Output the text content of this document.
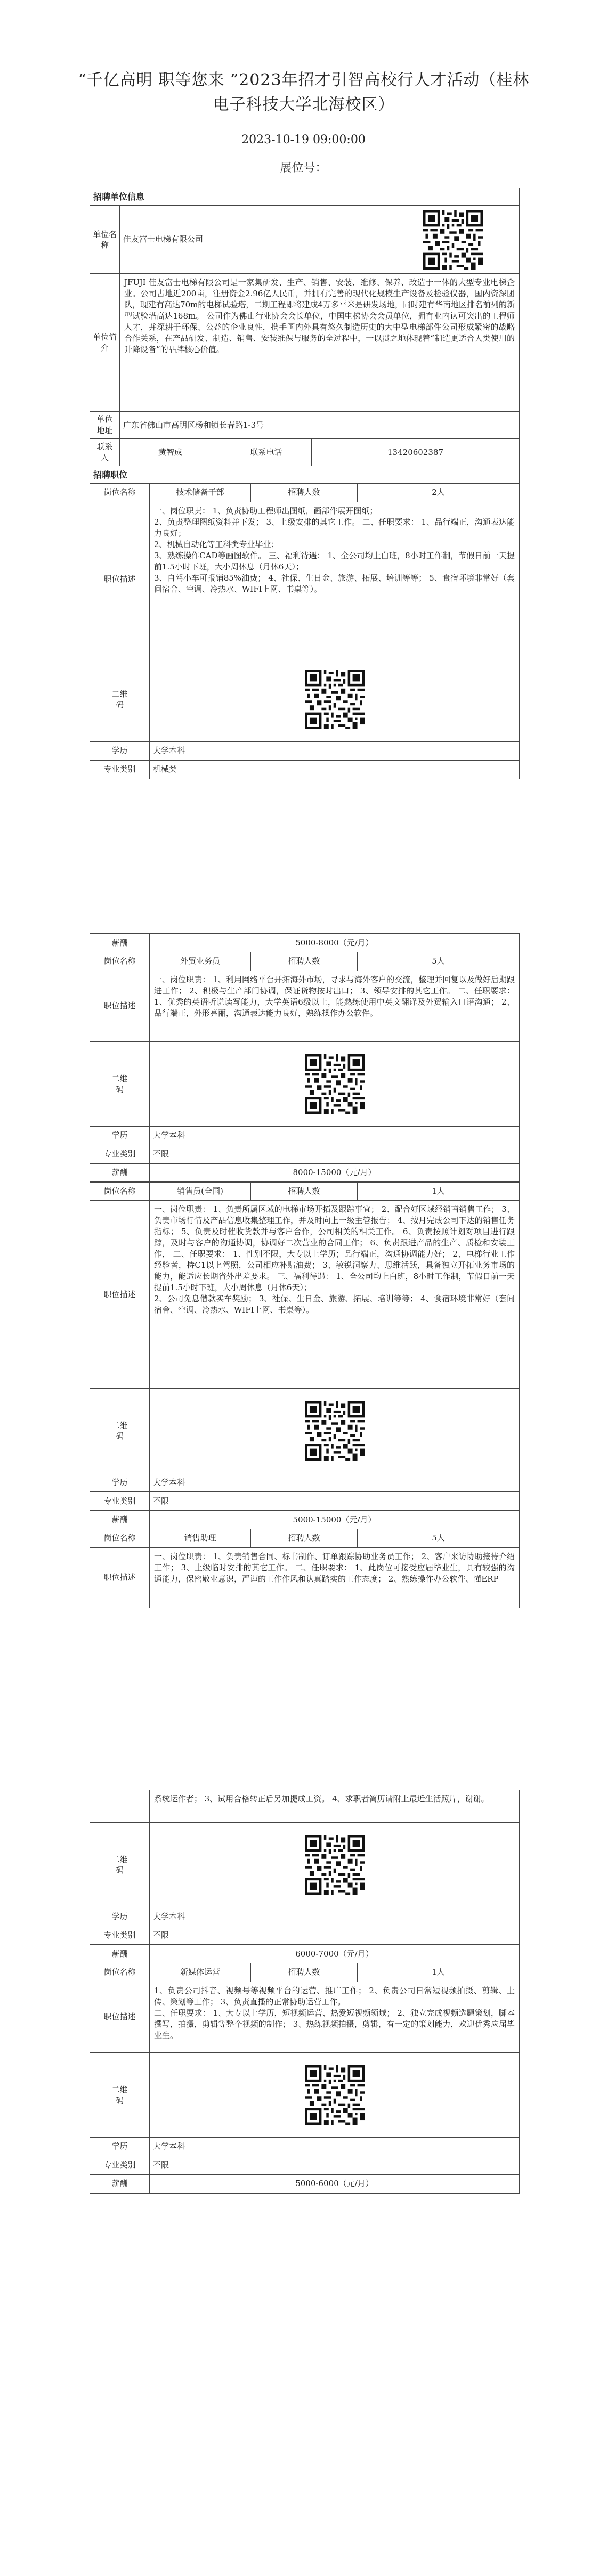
“千亿高明 职等您来 ”2023年招才引智高校行人才活动（桂林电子科技大学北海校区）
2023-10-19 09:00:00
展位号：
招聘单位信息				
单位名称	佳友富士电梯有限公司	

单位简介	JFUJI 佳友富士电梯有限公司是一家集研发、生产、销售、安装、维修、保养、改造于一体的大型专业电梯企业。公司占地近200亩，注册资金2.96亿人民币，并拥有完善的现代化规模生产设备及检验仪器，国内资深团队，现建有高达70m的电梯试验塔，二期工程即将建成4万多平米是研发场地，同时建有华南地区排名前列的新型试验塔高达168m。 公司作为佛山行业协会会长单位，中国电梯协会会员单位，拥有业内认可突出的工程师人才，并深耕于环保、公益的企业良性，携手国内外具有悠久制造历史的大中型电梯部件公司形成紧密的战略合作关系，在产品研发、制造、销售、安装维保与服务的全过程中，一以贯之地体现着“制造更适合人类使用的升降设备”的品牌核心价值。			
单位地址	广东省佛山市高明区杨和镇长春路1-3号			
联系人	黄智成	联系电话	13420602387	
招聘职位				
岗位名称	技术储备干部	招聘人数	2人
职位描述	一、岗位职责： 1、负责协助工程师出图纸，画部件展开图纸；
2、负责整理图纸资料并下发； 3、上级安排的其它工作。 二、任职要求： 1、品行端正，沟通表达能力良好；
2、机械自动化等工科类专业毕业；
3、熟练操作CAD等画图软件。 三、福利待遇： 1、全公司均上白班，8小时工作制，节假日前一天提前1.5小时下班，大小周休息（月休6天）；
3、自驾小车可报销85%油费； 4、社保、生日金、旅游、拓展、培训等等； 5、食宿环境非常好（套间宿舍、空调、冷热水、WIFI上网、书桌等）。		
二维码	

学历	大学本科		
专业类别	机械类		
薪酬	5000-8000（元/月）
岗位名称	外贸业务员	招聘人数	5人
职位描述	一、岗位职责： 1、利用网络平台开拓海外市场，寻求与海外客户的交流，整理并回复以及做好后期跟进工作； 2、积极与生产部门协调，保证货物按时出口； 3、领导安排的其它工作。 二、任职要求： 1、优秀的英语听说读写能力，大学英语6级以上，能熟练使用中英文翻译及外贸输入口语沟通； 2、品行端正，外形亮丽，沟通表达能力良好，熟练操作办公软件。		
二维码	

学历	大学本科		
专业类别	不限		
薪酬	8000-15000（元/月）		
岗位名称	销售员(全国)	招聘人数	1人
职位描述	一、岗位职责： 1、负责所属区域的电梯市场开拓及跟踪事宜； 2、配合好区域经销商销售工作； 3、负责市场行情及产品信息收集整理工作，并及时向上一级主管报告； 4、按月完成公司下达的销售任务指标； 5、负责及时催收货款并与客户合作，公司相关的相关工作。 6、负责按照计划对项目进行跟踪，及时与客户的沟通协调，协调好二次营业的合同工作； 6、负责跟进产品的生产、质检和安装工作， 二、任职要求： 1、性别不限，大专以上学历；品行端正，沟通协调能力好； 2、电梯行业工作经验者，持C1以上驾照，公司相应补贴油费； 3、敏锐洞察力、思维活跃，具备独立开拓业务市场的能力，能适应长期省外出差要求。 三、福利待遇： 1、全公司均上白班，8小时工作制，节假日前一天提前1.5小时下班，大小周休息（月休6天）；
2、公司免息借款买车奖励； 3、社保、生日金、旅游、拓展、培训等等； 4、食宿环境非常好（套间宿舍、空调、冷热水、WIFI上网、书桌等）。		
二维码	

学历	大学本科		
专业类别	不限		
薪酬	5000-15000（元/月）		
岗位名称	销售助理	招聘人数	5人
职位描述	一、岗位职责： 1、负责销售合同、标书制作、订单跟踪协助业务员工作； 2、客户来访协助接待介绍工作； 3、上级临时安排的其它工作。 二、任职要求： 1、此岗位可接受应届毕业生，具有较强的沟通能力，保密敬业意识，严谨的工作作风和认真踏实的工作态度； 2、熟练操作办公软件、懂ERP		
	系统运作者； 3、试用合格转正后另加提成工资。 4、求职者简历请附上最近生活照片，谢谢。
二维码	

学历	大学本科
专业类别	不限
薪酬	6000-7000（元/月）
岗位名称	新媒体运营	招聘人数	1人
职位描述	1、负责公司抖音、视频号等视频平台的运营、推广工作； 2、负责公司日常短视频拍摄、剪辑、上传、策划等工作； 3、负责直播的正常协助运营工作。
二、任职要求： 1、大专以上学历，短视频运营、热爱短视频领域； 2、独立完成视频选题策划，脚本撰写，拍摄，剪辑等整个视频的制作； 3、热练视频拍摄，剪辑，有一定的策划能力，欢迎优秀应届毕业生。		
二维码	

学历	大学本科		
专业类别	不限		
薪酬	5000-6000（元/月）		
